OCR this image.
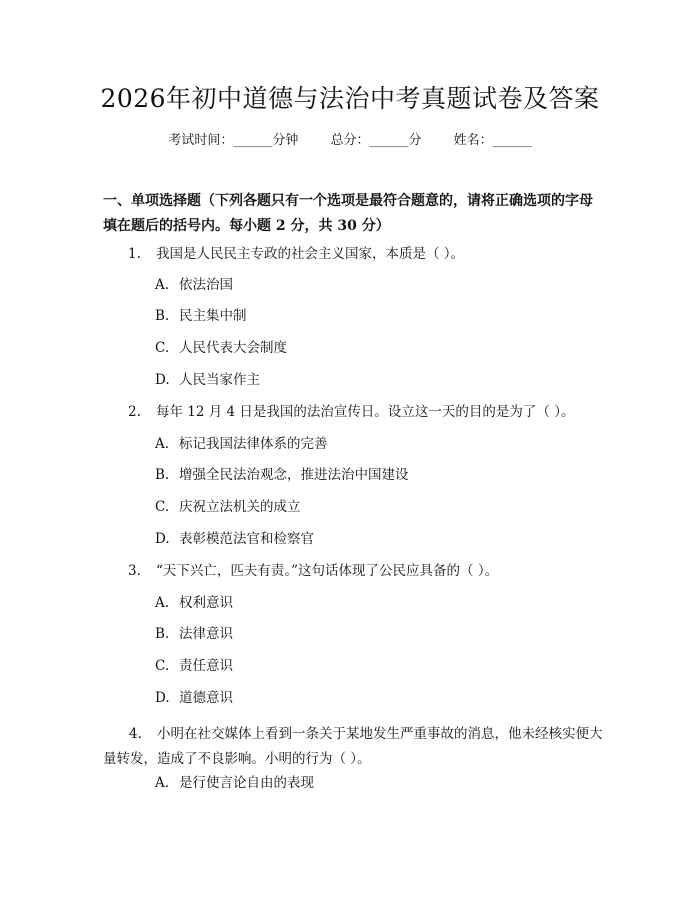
2026年初中道德与法治中考真题试卷及答案
考试时间：______分钟 总分：______分 姓名：______
一、单项选择题（下列各题只有一个选项是最符合题意的，请将正确选项的字母填在题后的括号内。每小题 2 分，共 30 分）
1. 我国是人民民主专政的社会主义国家，本质是（ ）。
A. 依法治国
B. 民主集中制
C. 人民代表大会制度
D. 人民当家作主
2. 每年 12 月 4 日是我国的法治宣传日。设立这一天的目的是为了（ ）。
A. 标记我国法律体系的完善
B. 增强全民法治观念，推进法治中国建设
C. 庆祝立法机关的成立
D. 表彰模范法官和检察官
3. “天下兴亡，匹夫有责。”这句话体现了公民应具备的（ ）。
A. 权利意识
B. 法律意识
C. 责任意识
D. 道德意识
4. 小明在社交媒体上看到一条关于某地发生严重事故的消息，他未经核实便大量转发，造成了不良影响。小明的行为（ ）。
A. 是行使言论自由的表现
